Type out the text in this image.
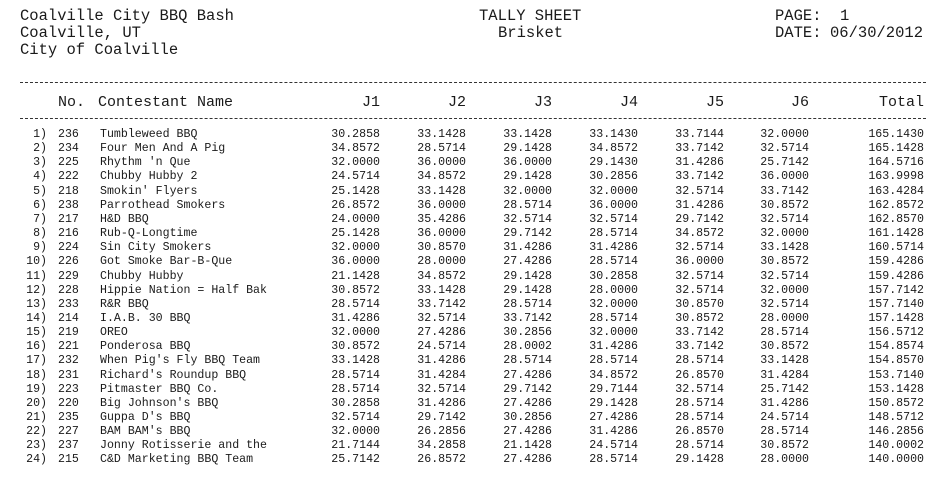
Coalville City BBQ Bash
Coalville, UT
City of Coalville
TALLY SHEET
Brisket
PAGE: 1
DATE: 06/30/2012
No. Contestant Name	J1	J2	J3	J4	J5	J6	Total
1) 236 Tumbleweed BBQ	30.2858	33.1428	33.1428	33.1430	33.7144	32.0000	165.1430
2) 234 Four Men And A Pig	34.8572	28.5714	29.1428	34.8572	33.7142	32.5714	165.1428
3) 225 Rhythm 'n Que	32.0000	36.0000	36.0000	29.1430	31.4286	25.7142	164.5716
4) 222 Chubby Hubby 2	24.5714	34.8572	29.1428	30.2856	33.7142	36.0000	163.9998
5) 218 Smokin' Flyers	25.1428	33.1428	32.0000	32.0000	32.5714	33.7142	163.4284
6) 238 Parrothead Smokers	26.8572	36.0000	28.5714	36.0000	31.4286	30.8572	162.8572
7) 217 H&D BBQ	24.0000	35.4286	32.5714	32.5714	29.7142	32.5714	162.8570
8) 216 Rub-Q-Longtime	25.1428	36.0000	29.7142	28.5714	34.8572	32.0000	161.1428
9) 224 Sin City Smokers	32.0000	30.8570	31.4286	31.4286	32.5714	33.1428	160.5714
10) 226 Got Smoke Bar-B-Que	36.0000	28.0000	27.4286	28.5714	36.0000	30.8572	159.4286
11) 229 Chubby Hubby	21.1428	34.8572	29.1428	30.2858	32.5714	32.5714	159.4286
12) 228 Hippie Nation = Half Bak	30.8572	33.1428	29.1428	28.0000	32.5714	32.0000	157.7142
13) 233 R&R BBQ	28.5714	33.7142	28.5714	32.0000	30.8570	32.5714	157.7140
14) 214 I.A.B. 30 BBQ	31.4286	32.5714	33.7142	28.5714	30.8572	28.0000	157.1428
15) 219 OREO	32.0000	27.4286	30.2856	32.0000	33.7142	28.5714	156.5712
16) 221 Ponderosa BBQ	30.8572	24.5714	28.0002	31.4286	33.7142	30.8572	154.8574
17) 232 When Pig's Fly BBQ Team	33.1428	31.4286	28.5714	28.5714	28.5714	33.1428	154.8570
18) 231 Richard's Roundup BBQ	28.5714	31.4284	27.4286	34.8572	26.8570	31.4284	153.7140
19) 223 Pitmaster BBQ Co.	28.5714	32.5714	29.7142	29.7144	32.5714	25.7142	153.1428
20) 220 Big Johnson's BBQ	30.2858	31.4286	27.4286	29.1428	28.5714	31.4286	150.8572
21) 235 Guppa D's BBQ	32.5714	29.7142	30.2856	27.4286	28.5714	24.5714	148.5712
22) 227 BAM BAM's BBQ	32.0000	26.2856	27.4286	31.4286	26.8570	28.5714	146.2856
23) 237 Jonny Rotisserie and the	21.7144	34.2858	21.1428	24.5714	28.5714	30.8572	140.0002
24) 215 C&D Marketing BBQ Team	25.7142	26.8572	27.4286	28.5714	29.1428	28.0000	140.0000
